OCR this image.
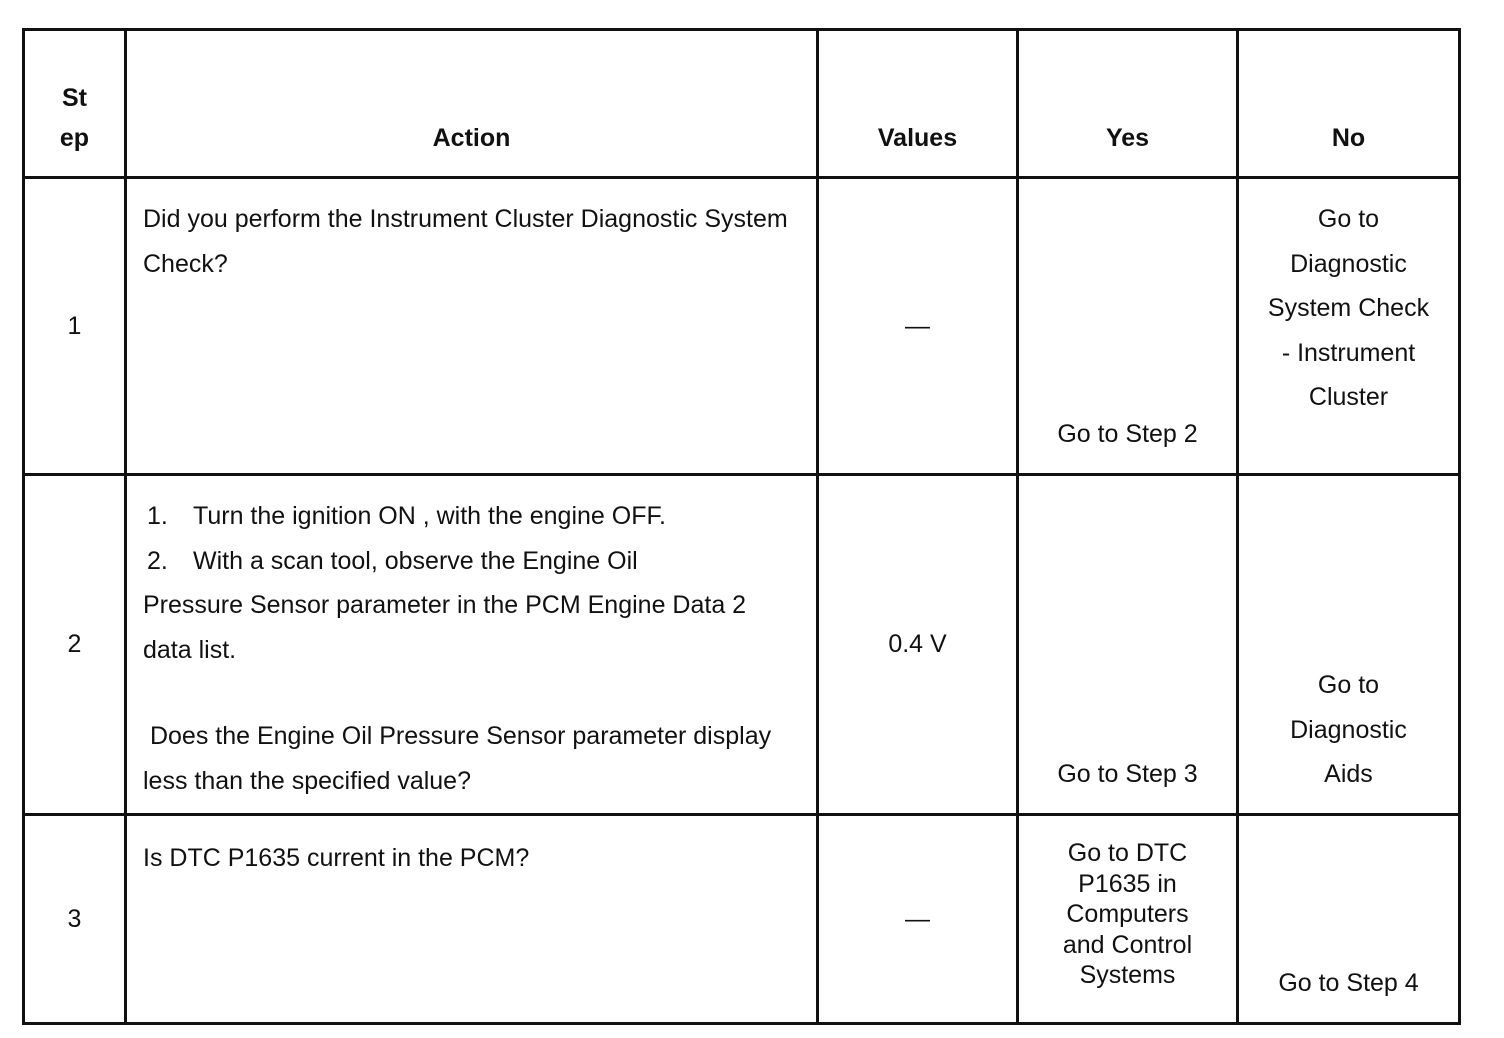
St
ep	Action	Values	Yes	No
1	Did you perform the Instrument Cluster Diagnostic System Check?	—	Go to Step 2	Go to Diagnostic System Check - Instrument Cluster
2	1. Turn the ignition ON , with the engine OFF.
2. With a scan tool, observe the Engine Oil
Pressure Sensor parameter in the PCM Engine Data 2 data list.
Does the Engine Oil Pressure Sensor parameter display less than the specified value?	0.4 V	Go to Step 3	Go to Diagnostic Aids
3	Is DTC P1635 current in the PCM?	—	Go to DTC P1635 in Computers and Control Systems	Go to Step 4
